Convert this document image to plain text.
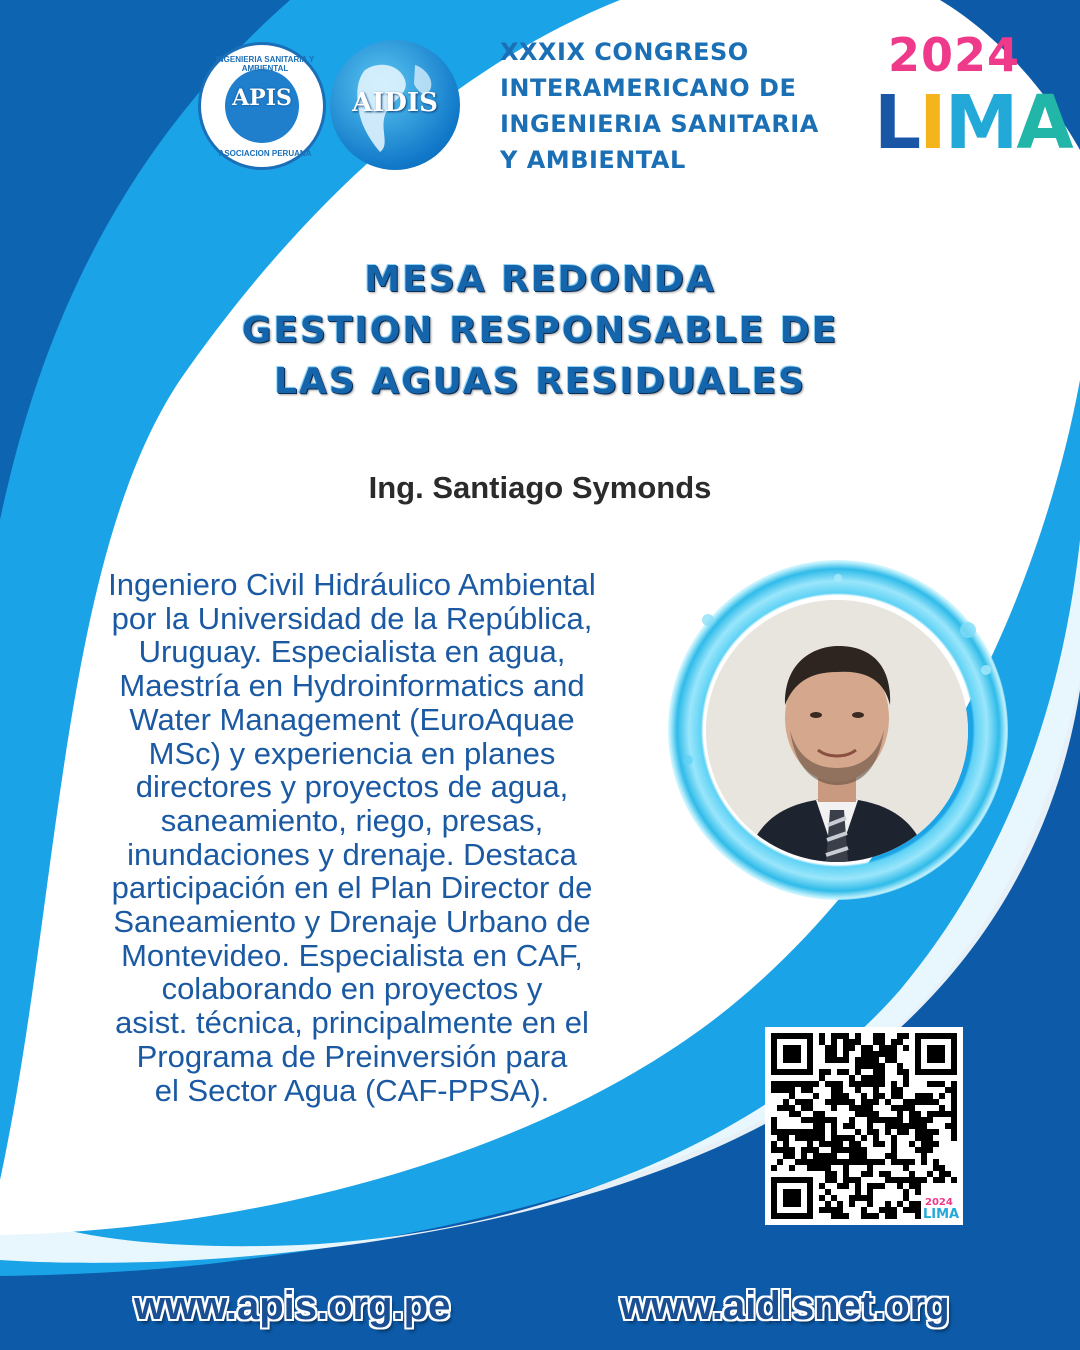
APIS
INGENIERIA SANITARIA Y AMBIENTAL
ASOCIACION PERUANA
AIDIS
XXXIX CONGRESO
INTERAMERICANO DE
INGENIERIA SANITARIA
Y AMBIENTAL
2024
LIMA
MESA REDONDA
GESTION RESPONSABLE DE
LAS AGUAS RESIDUALES
Ing. Santiago Symonds
Ingeniero Civil Hidráulico Ambiental
por la Universidad de la República,
Uruguay. Especialista en agua,
Maestría en Hydroinformatics and
Water Management (EuroAquae
MSc) y experiencia en planes
directores y proyectos de agua,
saneamiento, riego, presas,
inundaciones y drenaje. Destaca
participación en el Plan Director de
Saneamiento y Drenaje Urbano de
Montevideo. Especialista en CAF,
colaborando en proyectos y
asist. técnica, principalmente en el
Programa de Preinversión para
el Sector Agua (CAF-PPSA).
2024
LIMA
www.apis.org.pe	www.aidisnet.org
